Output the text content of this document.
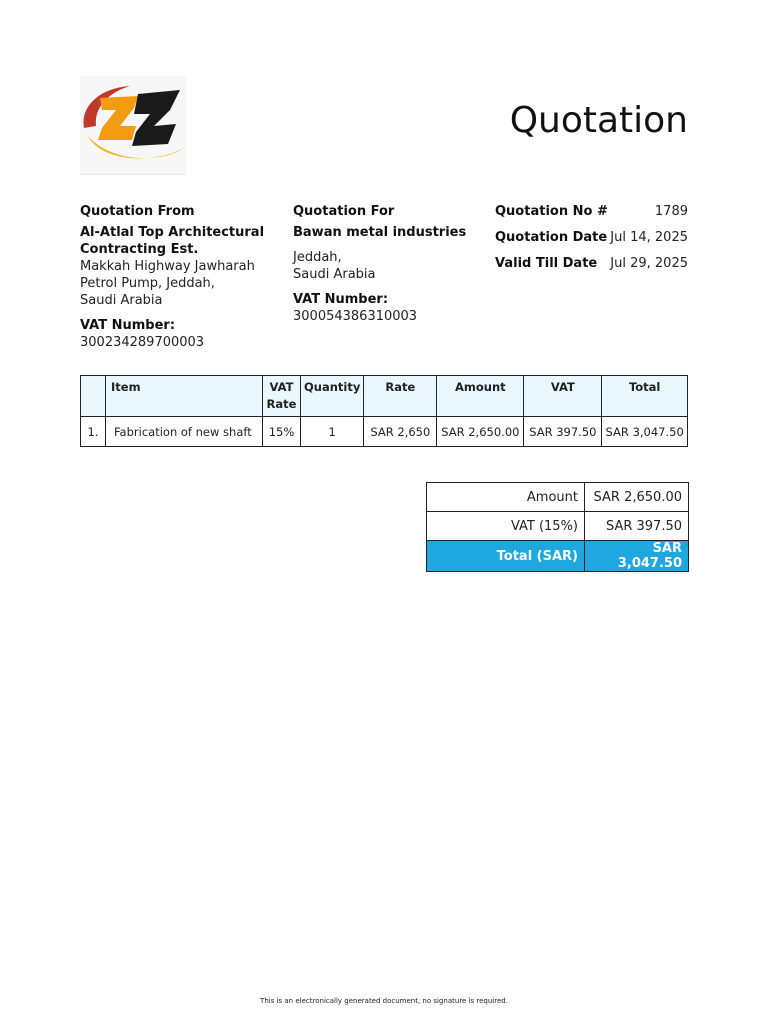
Quotation
Quotation From
Al-Atlal Top Architectural Contracting Est.
Makkah Highway Jawharah
Petrol Pump, Jeddah,
Saudi Arabia
VAT Number:
300234289700003
Quotation For
Bawan metal industries
Jeddah,
Saudi Arabia
VAT Number:
300054386310003
Quotation No #	1789
Quotation Date Jul 14, 2025
Valid Till Date Jul 29, 2025
	Item	VAT Rate	Quantity	Rate	Amount	VAT	Total
1.	Fabrication of new shaft	15%	1	SAR 2,650	SAR 2,650.00	SAR 397.50	SAR 3,047.50
Amount	SAR 2,650.00
VAT (15%)	SAR 397.50
Total (SAR)	SAR 3,047.50
This is an electronically generated document, no signature is required.
